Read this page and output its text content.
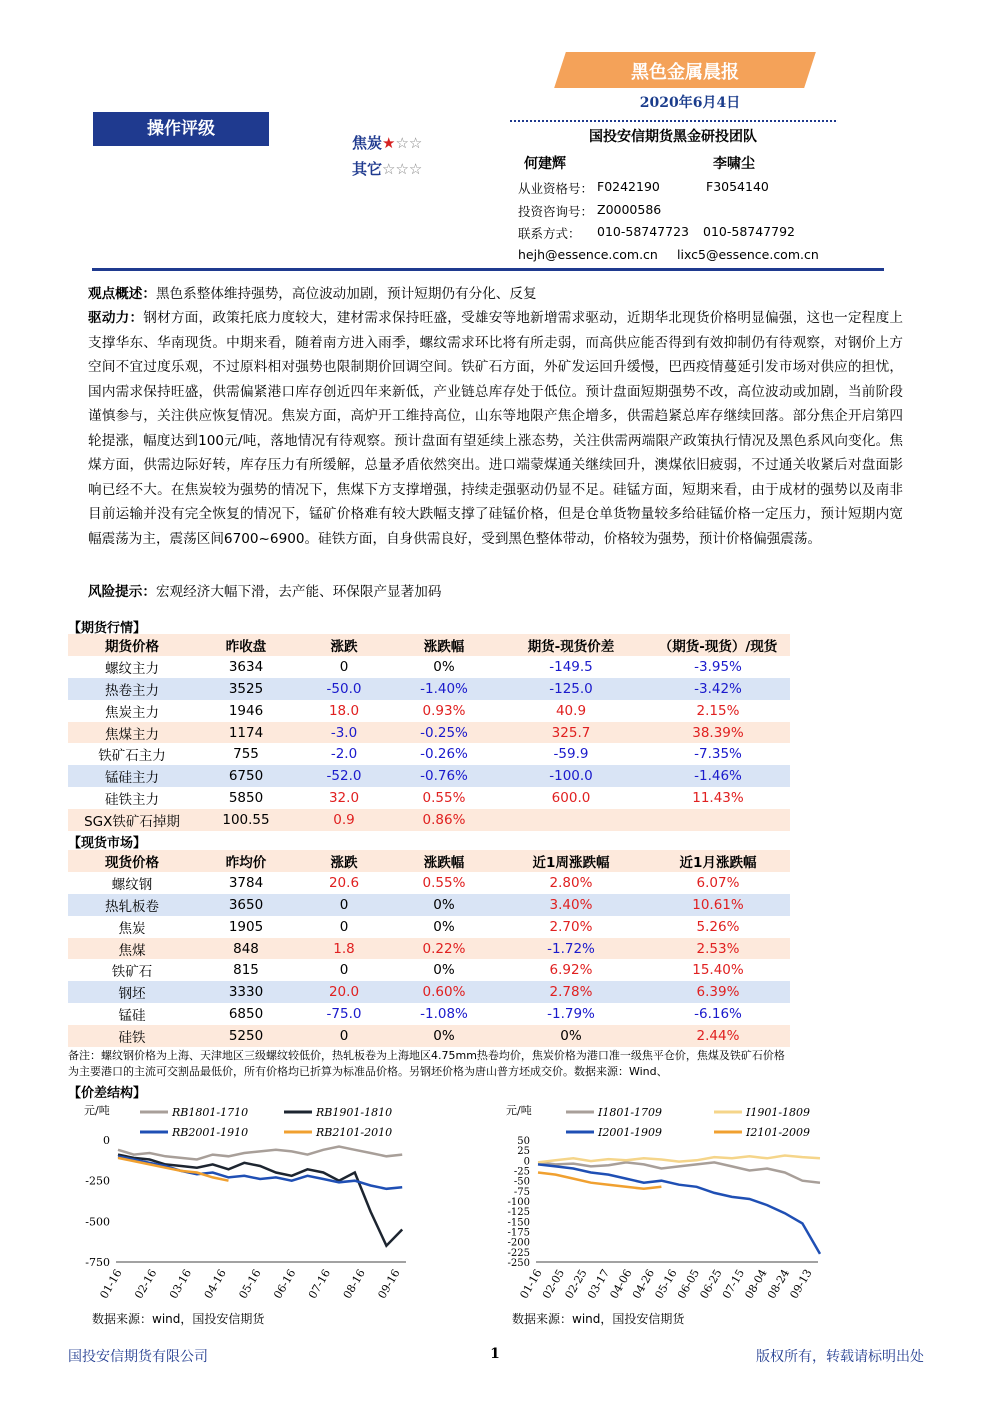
黑色金属晨报
2020年6月4日
操作评级
焦炭★☆☆
其它☆☆☆
国投安信期货黑金研投团队
何建辉	李啸尘
从业资格号： F0242190	F3054140
投资咨询号： Z0000586
联系方式： 010-58747723 010-58747792
hejh@essence.com.cn lixc5@essence.com.cn
观点概述：黑色系整体维持强势，高位波动加剧，预计短期仍有分化、反复
驱动力：钢材方面，政策托底力度较大，建材需求保持旺盛，受雄安等地新增需求驱动，近期华北现货价格明显偏强，这也一定程度上支撑华东、华南现货。中期来看，随着南方进入雨季，螺纹需求环比将有所走弱，而高供应能否得到有效抑制仍有待观察，对钢价上方空间不宜过度乐观，不过原料相对强势也限制期价回调空间。铁矿石方面，外矿发运回升缓慢，巴西疫情蔓延引发市场对供应的担忧，国内需求保持旺盛，供需偏紧港口库存创近四年来新低，产业链总库存处于低位。预计盘面短期强势不改，高位波动或加剧，当前阶段谨慎参与，关注供应恢复情况。焦炭方面，高炉开工维持高位，山东等地限产焦企增多，供需趋紧总库存继续回落。部分焦企开启第四轮提涨，幅度达到100元/吨，落地情况有待观察。预计盘面有望延续上涨态势，关注供需两端限产政策执行情况及黑色系风向变化。焦煤方面，供需边际好转，库存压力有所缓解，总量矛盾依然突出。进口端蒙煤通关继续回升，澳煤依旧疲弱，不过通关收紧后对盘面影响已经不大。在焦炭较为强势的情况下，焦煤下方支撑增强，持续走强驱动仍显不足。硅锰方面，短期来看，由于成材的强势以及南非目前运输并没有完全恢复的情况下，锰矿价格难有较大跌幅支撑了硅锰价格，但是仓单货物量较多给硅锰价格一定压力，预计短期内宽幅震荡为主，震荡区间6700~6900。硅铁方面，自身供需良好，受到黑色整体带动，价格较为强势，预计价格偏强震荡。
风险提示：宏观经济大幅下滑，去产能、环保限产显著加码
【期货行情】
期货价格	昨收盘	涨跌	涨跌幅	期货-现货价差	（期货-现货）/现货
螺纹主力	3634	0	0%	-149.5	-3.95%
热卷主力	3525	-50.0	-1.40%	-125.0	-3.42%
焦炭主力	1946	18.0	0.93%	40.9	2.15%
焦煤主力	1174	-3.0	-0.25%	325.7	38.39%
铁矿石主力	755	-2.0	-0.26%	-59.9	-7.35%
锰硅主力	6750	-52.0	-0.76%	-100.0	-1.46%
硅铁主力	5850	32.0	0.55%	600.0	11.43%
SGX铁矿石掉期	100.55	0.9	0.86%		
【现货市场】
现货价格	昨均价	涨跌	涨跌幅	近1周涨跌幅	近1月涨跌幅
螺纹钢	3784	20.6	0.55%	2.80%	6.07%
热轧板卷	3650	0	0%	3.40%	10.61%
焦炭	1905	0	0%	2.70%	5.26%
焦煤	848	1.8	0.22%	-1.72%	2.53%
铁矿石	815	0	0%	6.92%	15.40%
钢坯	3330	20.0	0.60%	2.78%	6.39%
锰硅	6850	-75.0	-1.08%	-1.79%	-6.16%
硅铁	5250	0	0%	0%	2.44%
备注：螺纹钢价格为上海、天津地区三级螺纹较低价，热轧板卷为上海地区4.75mm热卷均价，焦炭价格为港口准一级焦平仓价，焦煤及铁矿石价格为主要港口的主流可交割品最低价，所有价格均已折算为标准品价格。另钢坯价格为唐山普方坯成交价。数据来源：Wind、
【价差结构】
元/吨
0
-250
-500
-750
01-16 02-16 03-16 04-16 05-16 06-16 07-16 08-16 09-16
RB1801-1710	RB1901-1810
RB2001-1910	RB2101-2010
元/吨
50
25
0
-25
-50
-75
-100
-125
-150
-175
-200
-225
-250
01-16
02-05
02-25
03-17
04-06
04-26
05-16
06-05
06-25
07-15
08-04
08-24
09-13
I1801-1709	I1901-1809
I2001-1909	I2101-2009
数据来源：wind，国投安信期货	数据来源：wind，国投安信期货
国投安信期货有限公司	1	版权所有，转载请标明出处
